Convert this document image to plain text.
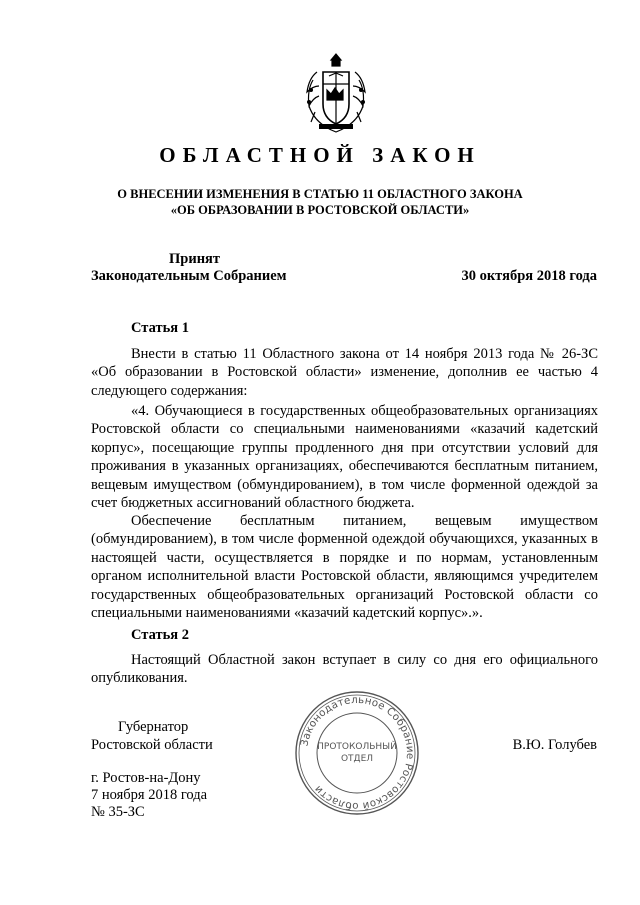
ОБЛАСТНОЙ ЗАКОН
О ВНЕСЕНИИ ИЗМЕНЕНИЯ В СТАТЬЮ 11 ОБЛАСТНОГО ЗАКОНА
«ОБ ОБРАЗОВАНИИ В РОСТОВСКОЙ ОБЛАСТИ»
Принят
Законодательным Собранием	30 октября 2018 года
Статья 1
Внести в статью 11 Областного закона от 14 ноября 2013 года № 26-ЗС «Об образовании в Ростовской области» изменение, дополнив ее частью 4 следующего содержания:
«4. Обучающиеся в государственных общеобразовательных организациях Ростовской области со специальными наименованиями «казачий кадетский корпус», посещающие группы продленного дня при отсутствии условий для проживания в указанных организациях, обеспечиваются бесплатным питанием, вещевым имуществом (обмундированием), в том числе форменной одеждой за счет бюджетных ассигнований областного бюджета.
Обеспечение бесплатным питанием, вещевым имуществом (обмундированием), в том числе форменной одеждой обучающихся, указанных в настоящей части, осуществляется в порядке и по нормам, установленным органом исполнительной власти Ростовской области, являющимся учредителем государственных общеобразовательных организаций Ростовской области со специальными наименованиями «казачий кадетский корпус».».
Статья 2
Настоящий Областной закон вступает в силу со дня его официального опубликования.
Губернатор
Ростовской области	В.Ю. Голубев
Законодательное Собрание Ростовской области
ПРОТОКОЛЬНЫЙ
ОТДЕЛ
г. Ростов-на-Дону
7 ноября 2018 года
№ 35-ЗС
